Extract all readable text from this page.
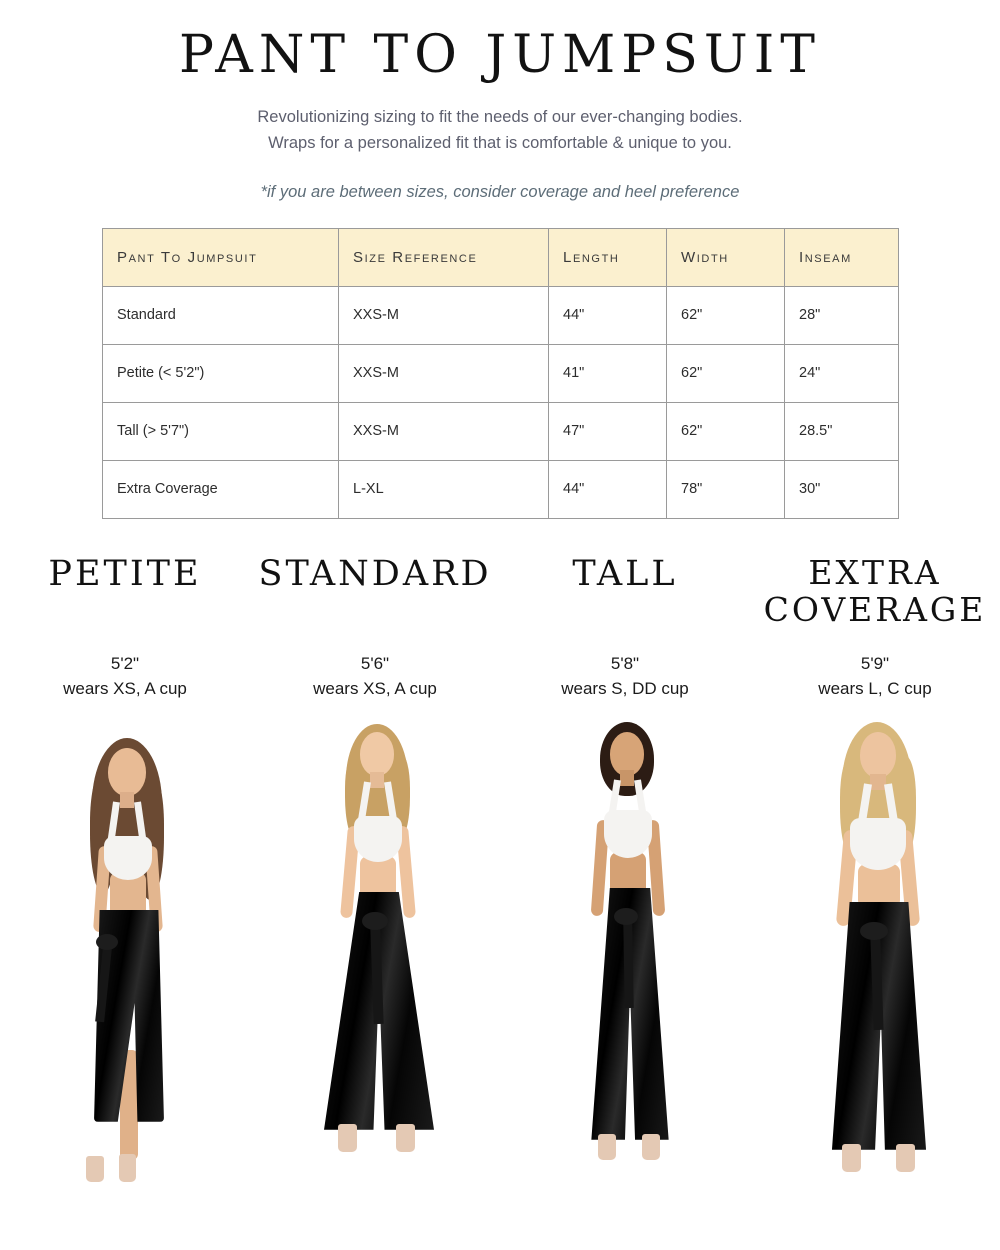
PANT TO JUMPSUIT
Revolutionizing sizing to fit the needs of our ever-changing bodies.
Wraps for a personalized fit that is comfortable & unique to you.
*if you are between sizes, consider coverage and heel preference
Pant To Jumpsuit	Size Reference	Length	Width	Inseam
Standard	XXS-M	44"	62"	28"
Petite (< 5'2")	XXS-M	41"	62"	24"
Tall (> 5'7")	XXS-M	47"	62"	28.5"
Extra Coverage	L-XL	44"	78"	30"
PETITE
5'2"
wears XS, A cup
STANDARD
5'6"
wears XS, A cup
TALL
5'8"
wears S, DD cup
EXTRA COVERAGE
5'9"
wears L, C cup
